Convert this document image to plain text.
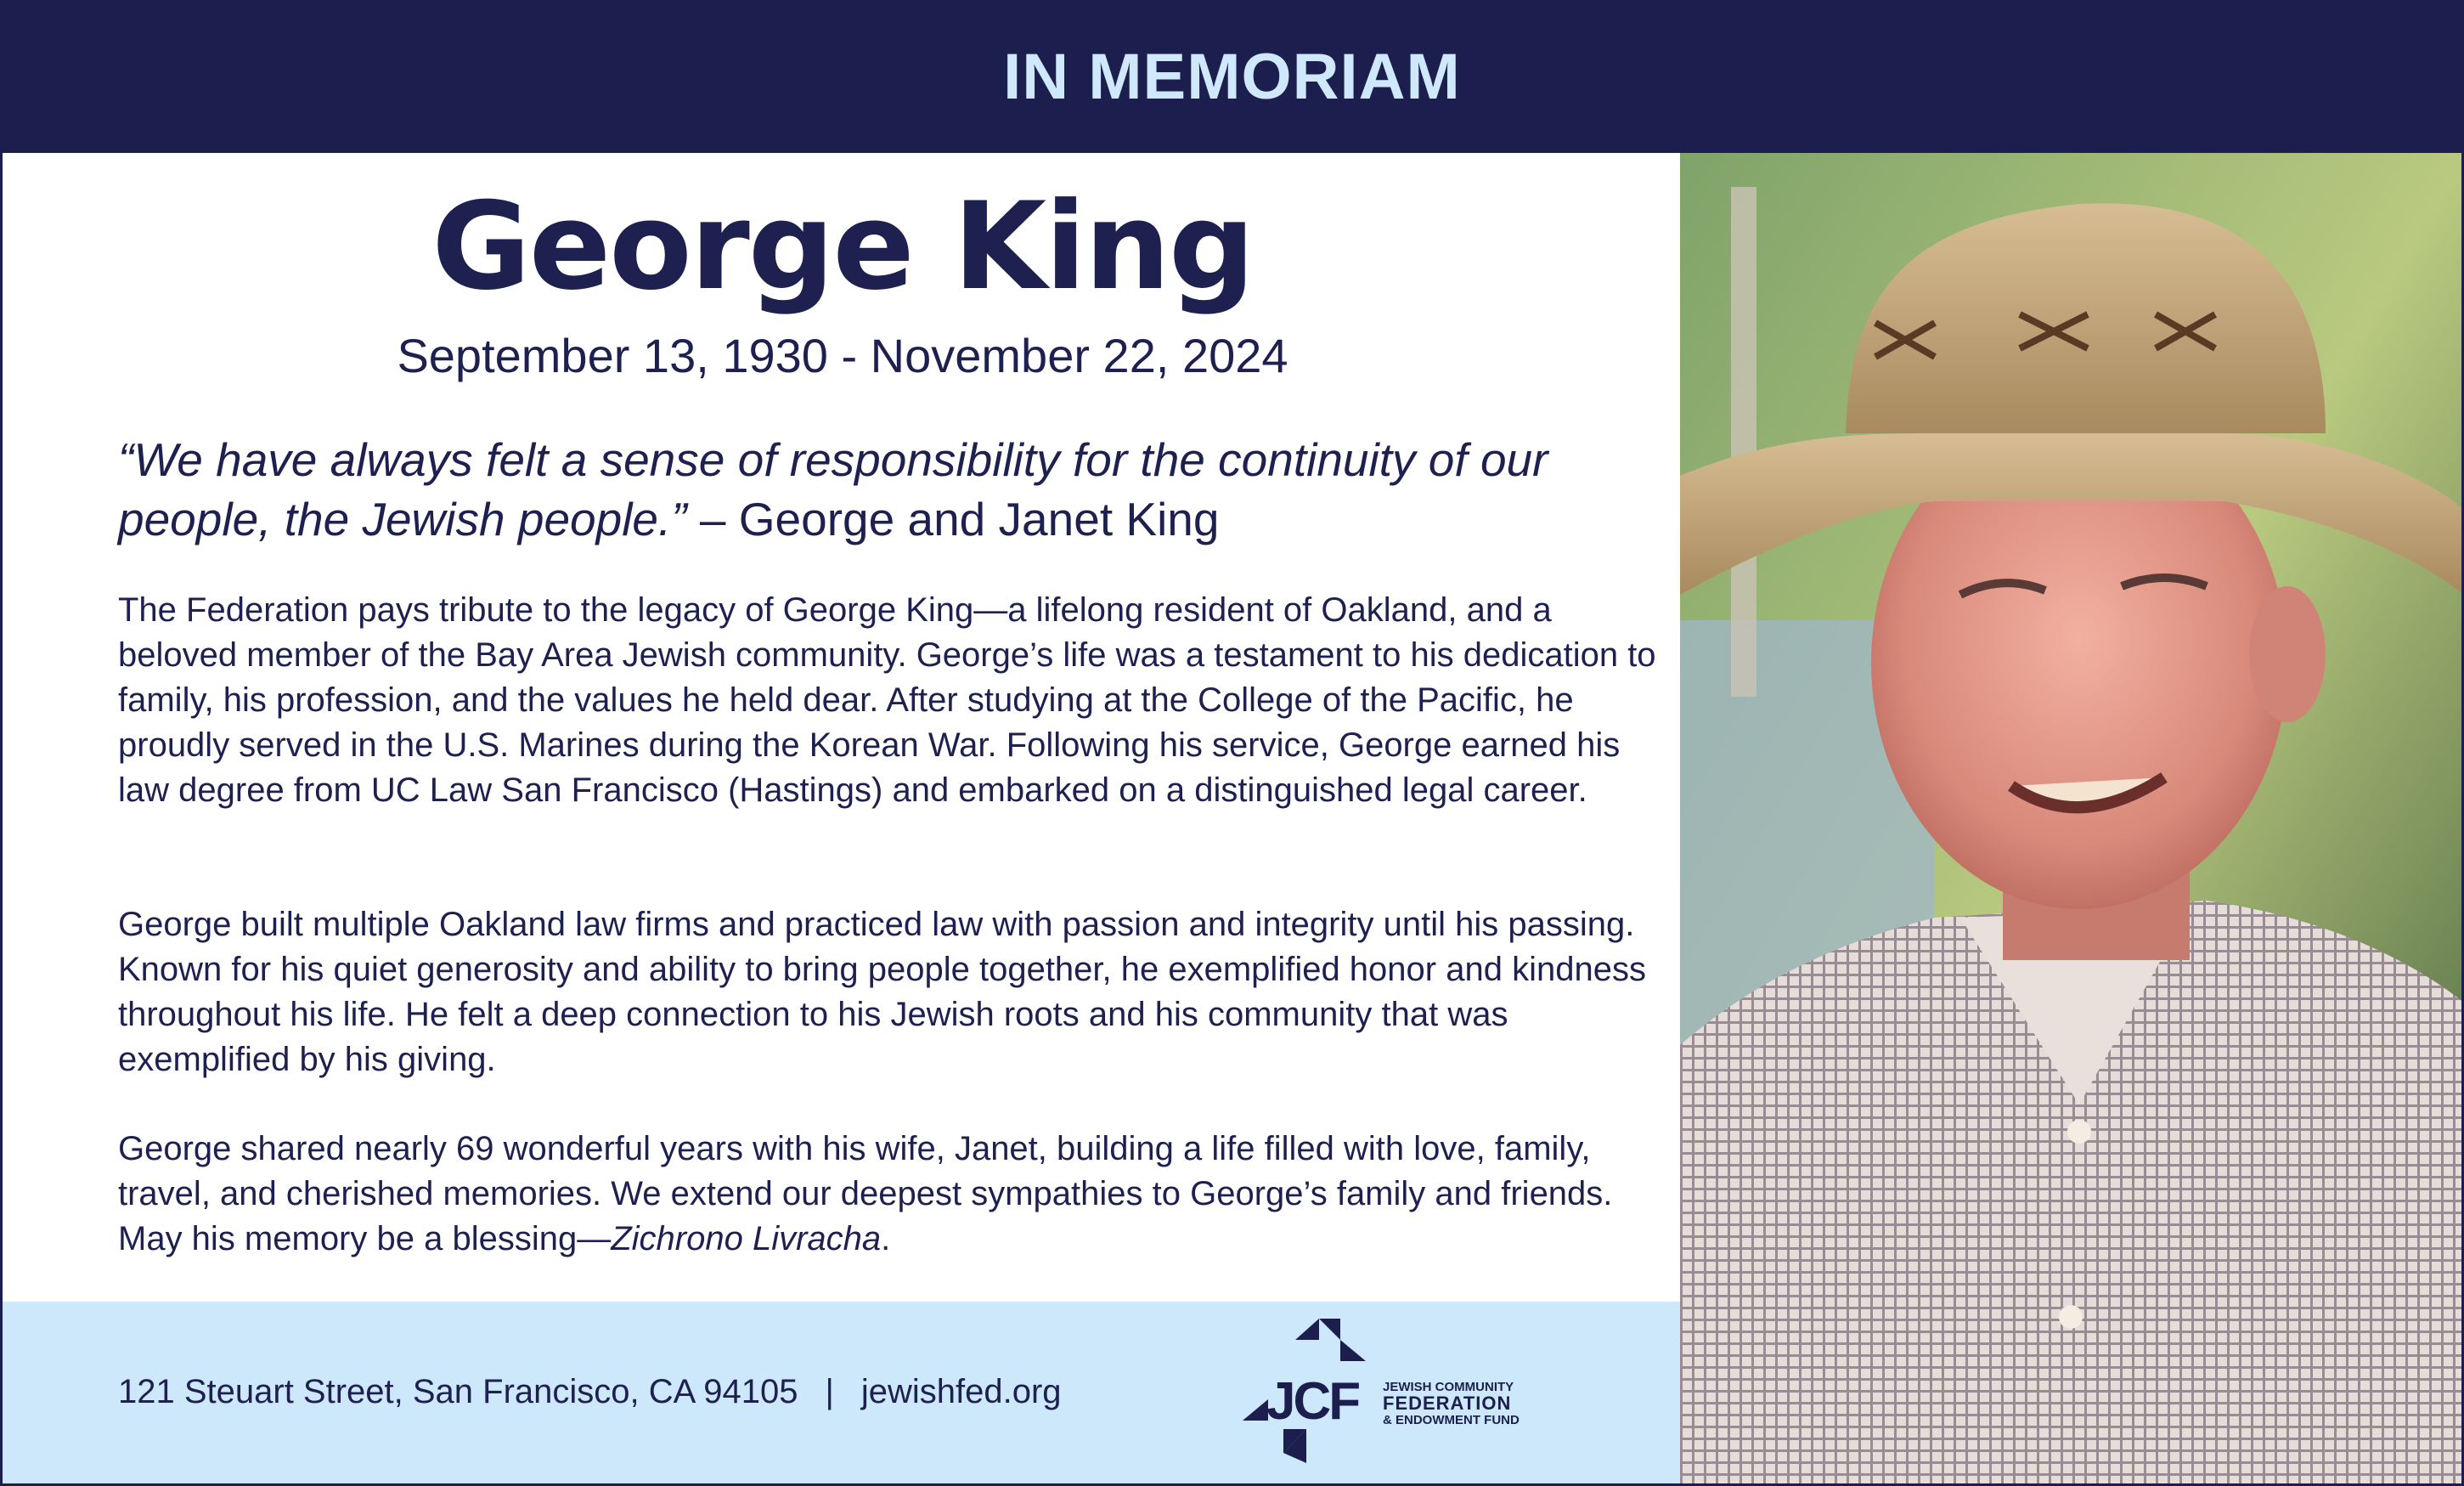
IN MEMORIAM
George King

September 13, 1930 - November 22, 2024

“We have always felt a sense of responsibility for the continuity of our people, the Jewish people.” – George and Janet King

The Federation pays tribute to the legacy of George King—a lifelong resident of Oakland, and a beloved member of the Bay Area Jewish community. George’s life was a testament to his dedication to family, his profession, and the values he held dear. After studying at the College of the Pacific, he proudly served in the U.S. Marines during the Korean War. Following his service, George earned his law degree from UC Law San Francisco (Hastings) and embarked on a distinguished legal career.

George built multiple Oakland law firms and practiced law with passion and integrity until his passing. Known for his quiet generosity and ability to bring people together, he exemplified honor and kindness throughout his life. He felt a deep connection to his Jewish roots and his community that was exemplified by his giving.

George shared nearly 69 wonderful years with his wife, Janet, building a life filled with love, family, travel, and cherished memories. We extend our deepest sympathies to George’s family and friends. May his memory be a blessing—Zichrono Livracha.

121 Steuart Street, San Francisco, CA 94105 | jewishfed.org	JCF JEWISH COMMUNITY
FEDERATION
& ENDOWMENT FUND
